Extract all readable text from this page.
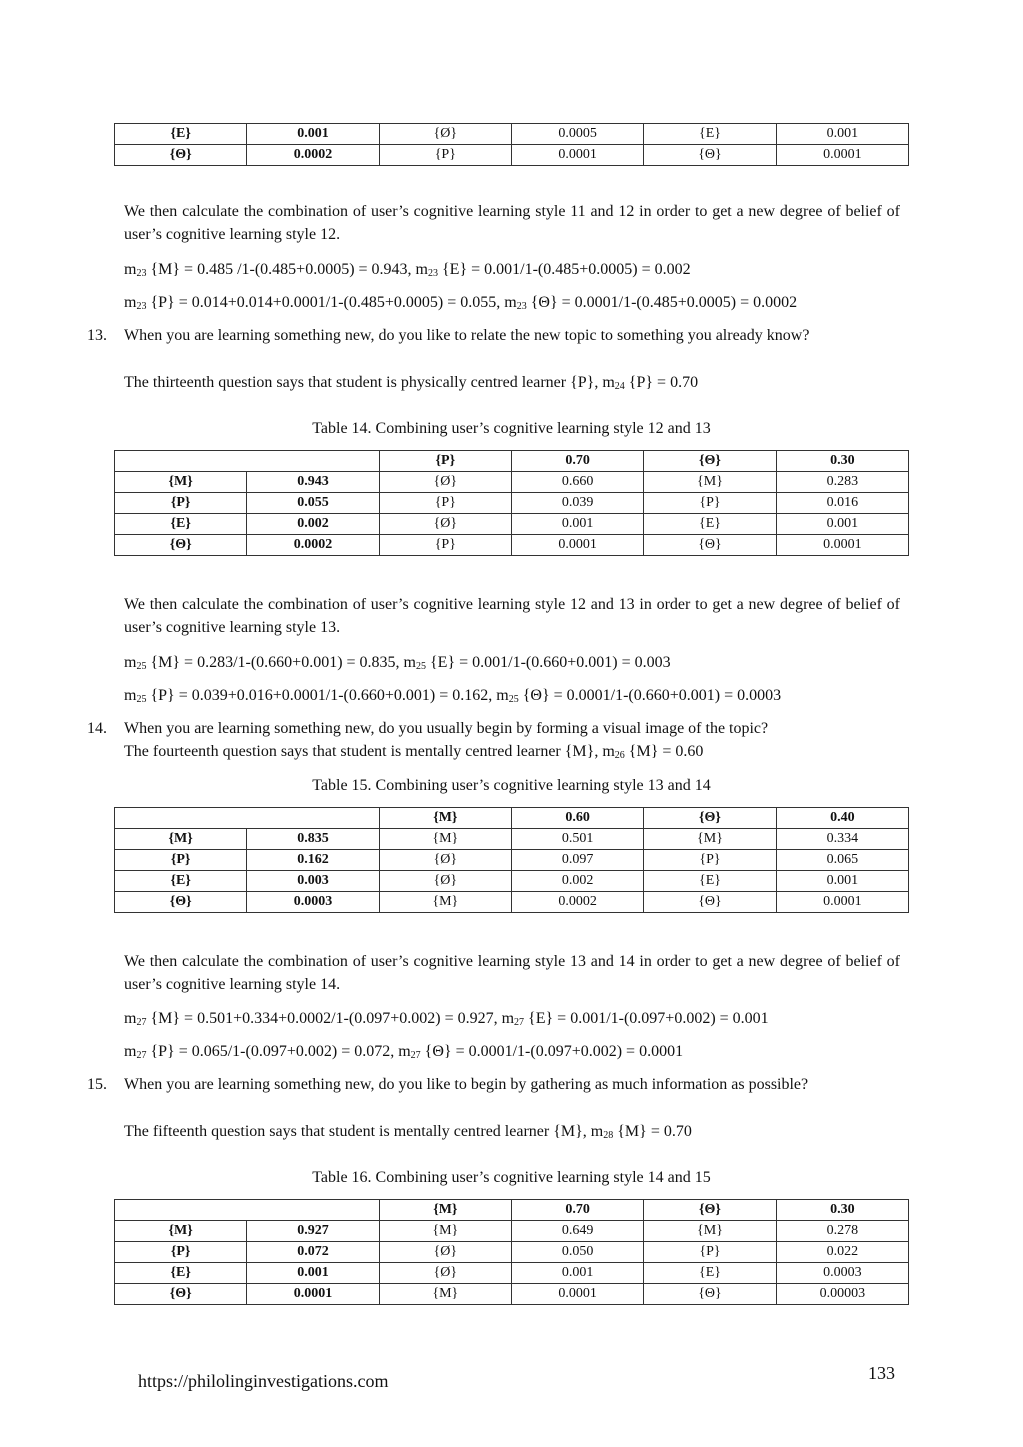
{E}	0.001	{Ø}	0.0005	{E}	0.001
{Θ}	0.0002	{P}	0.0001	{Θ}	0.0001
We then calculate the combination of user’s cognitive learning style 11 and 12 in order to get a new degree of belief of user’s cognitive learning style 12.
$m_{23}$ {M} = 0.485 /1-(0.485+0.0005) = 0.943, $m_{23}$ {E} = 0.001/1-(0.485+0.0005) = 0.002
$m_{23}$ {P} = 0.014+0.014+0.0001/1-(0.485+0.0005) = 0.055, $m_{23}$ {Θ} = 0.0001/1-(0.485+0.0005) = 0.0002
13. When you are learning something new, do you like to relate the new topic to something you already know?
The thirteenth question says that student is physically centred learner {P}, $m_{24}$ {P} = 0.70
Table 14. Combining user’s cognitive learning style 12 and 13
		{P}	0.70	{Θ}	0.30
{M}	0.943	{Ø}	0.660	{M}	0.283
{P}	0.055	{P}	0.039	{P}	0.016
{E}	0.002	{Ø}	0.001	{E}	0.001
{Θ}	0.0002	{P}	0.0001	{Θ}	0.0001
We then calculate the combination of user’s cognitive learning style 12 and 13 in order to get a new degree of belief of user’s cognitive learning style 13.
$m_{25}$ {M} = 0.283/1-(0.660+0.001) = 0.835, $m_{25}$ {E} = 0.001/1-(0.660+0.001) = 0.003
$m_{25}$ {P} = 0.039+0.016+0.0001/1-(0.660+0.001) = 0.162, $m_{25}$ {Θ} = 0.0001/1-(0.660+0.001) = 0.0003
14. When you are learning something new, do you usually begin by forming a visual image of the topic?
The fourteenth question says that student is mentally centred learner {M}, $m_{26}$ {M} = 0.60
Table 15. Combining user’s cognitive learning style 13 and 14
		{M}	0.60	{Θ}	0.40
{M}	0.835	{M}	0.501	{M}	0.334
{P}	0.162	{Ø}	0.097	{P}	0.065
{E}	0.003	{Ø}	0.002	{E}	0.001
{Θ}	0.0003	{M}	0.0002	{Θ}	0.0001
We then calculate the combination of user’s cognitive learning style 13 and 14 in order to get a new degree of belief of user’s cognitive learning style 14.
$m_{27}$ {M} = 0.501+0.334+0.0002/1-(0.097+0.002) = 0.927, $m_{27}$ {E} = 0.001/1-(0.097+0.002) = 0.001
$m_{27}$ {P} = 0.065/1-(0.097+0.002) = 0.072, $m_{27}$ {Θ} = 0.0001/1-(0.097+0.002) = 0.0001
15. When you are learning something new, do you like to begin by gathering as much information as possible?
The fifteenth question says that student is mentally centred learner {M}, $m_{28}$ {M} = 0.70
Table 16. Combining user’s cognitive learning style 14 and 15
		{M}	0.70	{Θ}	0.30
{M}	0.927	{M}	0.649	{M}	0.278
{P}	0.072	{Ø}	0.050	{P}	0.022
{E}	0.001	{Ø}	0.001	{E}	0.0003
{Θ}	0.0001	{M}	0.0001	{Θ}	0.00003
https://philolinginvestigations.com	133
